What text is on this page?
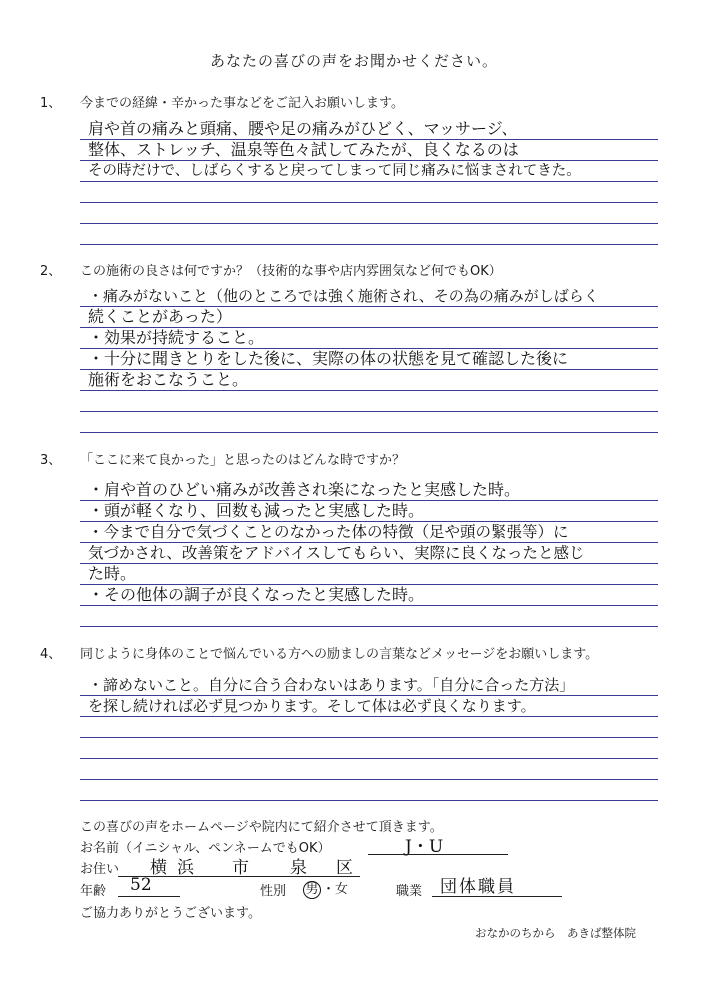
あなたの喜びの声をお聞かせください。
1、 今までの経緯・辛かった事などをご記入お願いします。
肩や首の痛みと頭痛、腰や足の痛みがひどく、マッサージ、
整体、ストレッチ、温泉等色々試してみたが、良くなるのは
その時だけで、しばらくすると戻ってしまって同じ痛みに悩まされてきた。
2、 この施術の良さは何ですか？（技術的な事や店内雰囲気など何でもOK）
・痛みがないこと（他のところでは強く施術され、その為の痛みがしばらく
続くことがあった）
・効果が持続すること。
・十分に聞きとりをした後に、実際の体の状態を見て確認した後に
施術をおこなうこと。
3、 「ここに来て良かった」と思ったのはどんな時ですか？
・肩や首のひどい痛みが改善され楽になったと実感した時。
・頭が軽くなり、回数も減ったと実感した時。
・今まで自分で気づくことのなかった体の特徴（足や頭の緊張等）に
気づかされ、改善策をアドバイスしてもらい、実際に良くなったと感じ
た時。
・その他体の調子が良くなったと実感した時。
4、 同じように身体のことで悩んでいる方への励ましの言葉などメッセージをお願いします。
・諦めないこと。自分に合う合わないはあります。「自分に合った方法」
を探し続ければ必ず見つかります。そして体は必ず良くなります。
この喜びの声をホームページや院内にて紹介させて頂きます。
お名前（イニシャル、ペンネームでもOK）	J・U
お住い 横浜 市 泉 区
年齢 52	性別 男 ・女	職業 団体職員
ご協力ありがとうございます。
おなかのちから　あきば整体院
